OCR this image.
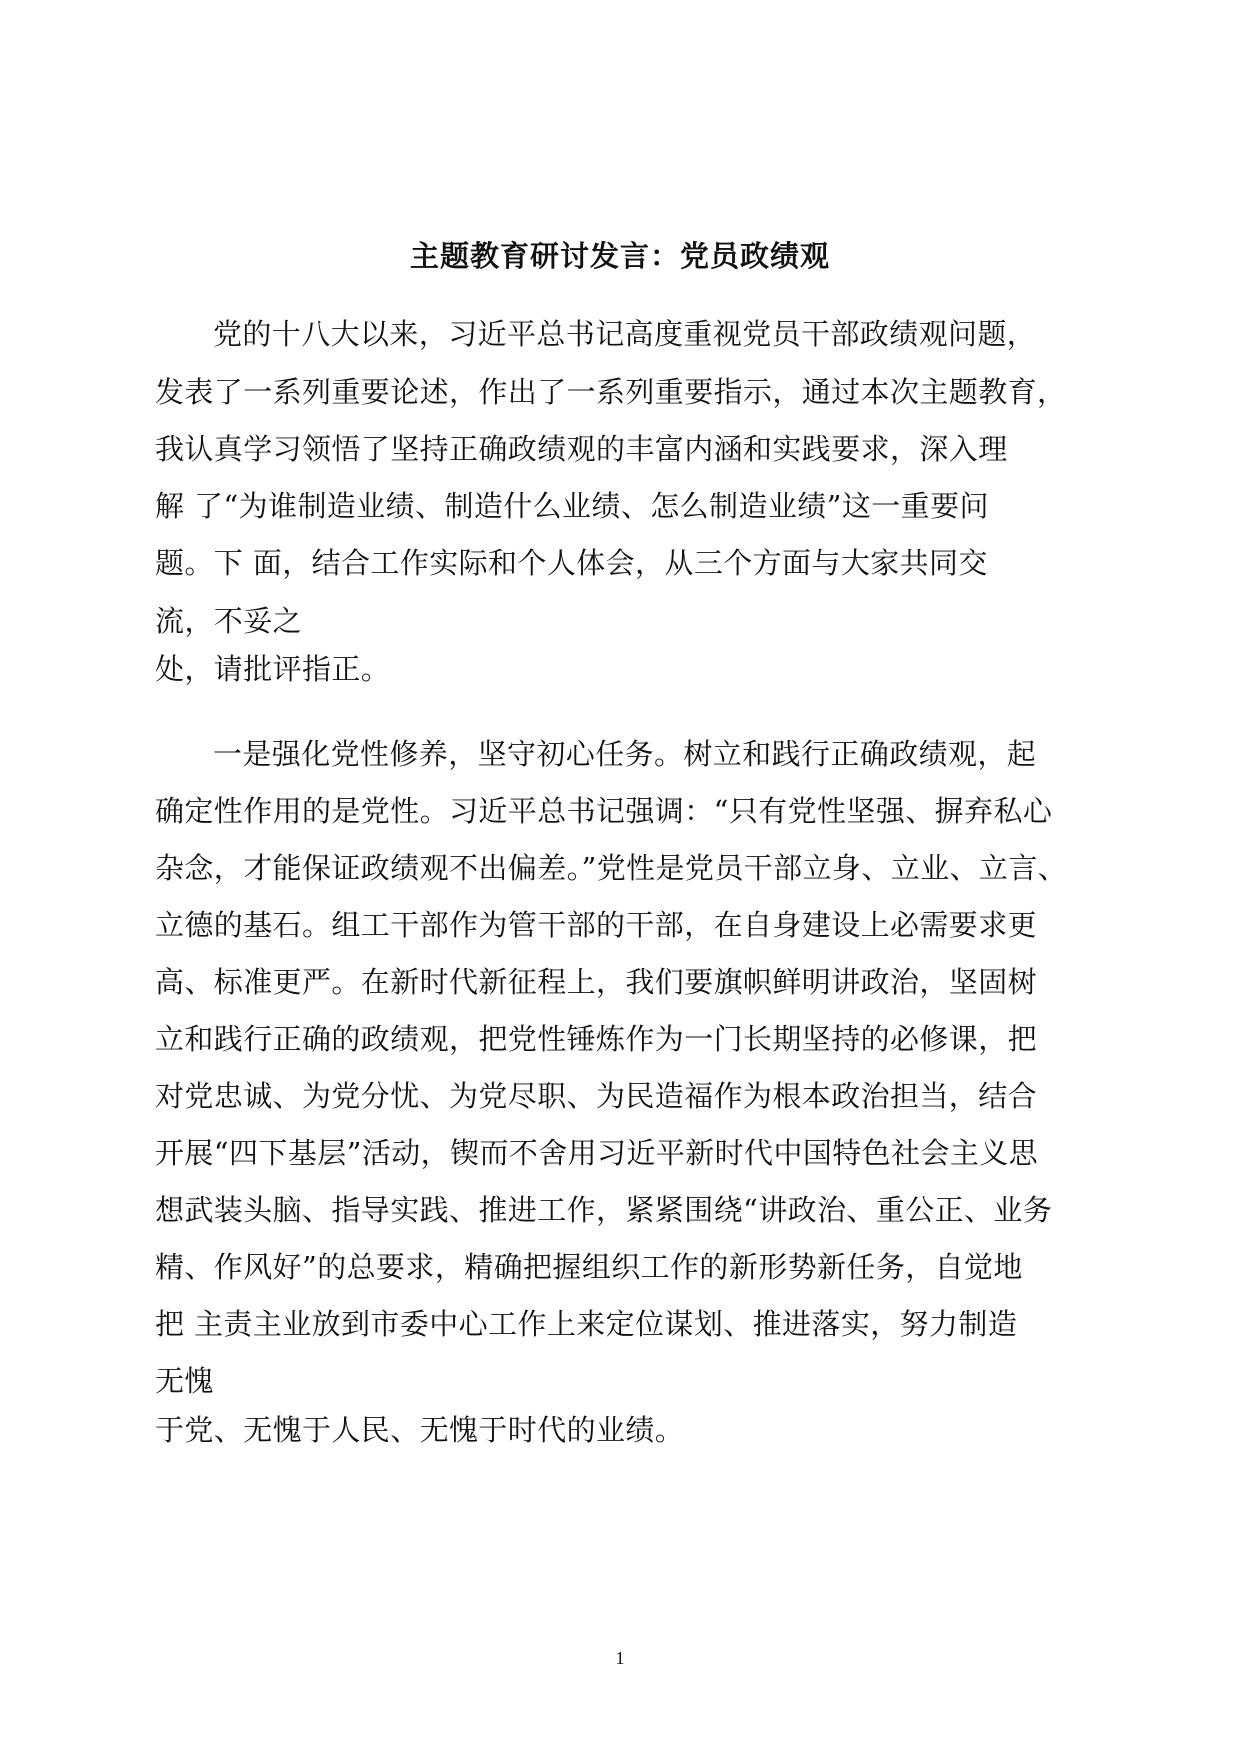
主题教育研讨发言：党员政绩观
党的十八大以来，习近平总书记高度重视党员干部政绩观问题，
发表了一系列重要论述，作出了一系列重要指示，通过本次主题教育，
我认真学习领悟了坚持正确政绩观的丰富内涵和实践要求，深入理
解 了“为谁制造业绩、制造什么业绩、怎么制造业绩”这一重要问
题。下 面，结合工作实际和个人体会，从三个方面与大家共同交
流，不妥之
处，请批评指正。
一是强化党性修养，坚守初心任务。树立和践行正确政绩观，起
确定性作用的是党性。习近平总书记强调：“只有党性坚强、摒弃私心
杂念，才能保证政绩观不出偏差。”党性是党员干部立身、立业、立言、
立德的基石。组工干部作为管干部的干部，在自身建设上必需要求更
高、标准更严。在新时代新征程上，我们要旗帜鲜明讲政治，坚固树
立和践行正确的政绩观，把党性锤炼作为一门长期坚持的必修课，把
对党忠诚、为党分忧、为党尽职、为民造福作为根本政治担当，结合
开展“四下基层”活动，锲而不舍用习近平新时代中国特色社会主义思
想武装头脑、指导实践、推进工作，紧紧围绕“讲政治、重公正、业务
精、作风好”的总要求，精确把握组织工作的新形势新任务，自觉地
把 主责主业放到市委中心工作上来定位谋划、推进落实，努力制造
无愧
于党、无愧于人民、无愧于时代的业绩。
1
